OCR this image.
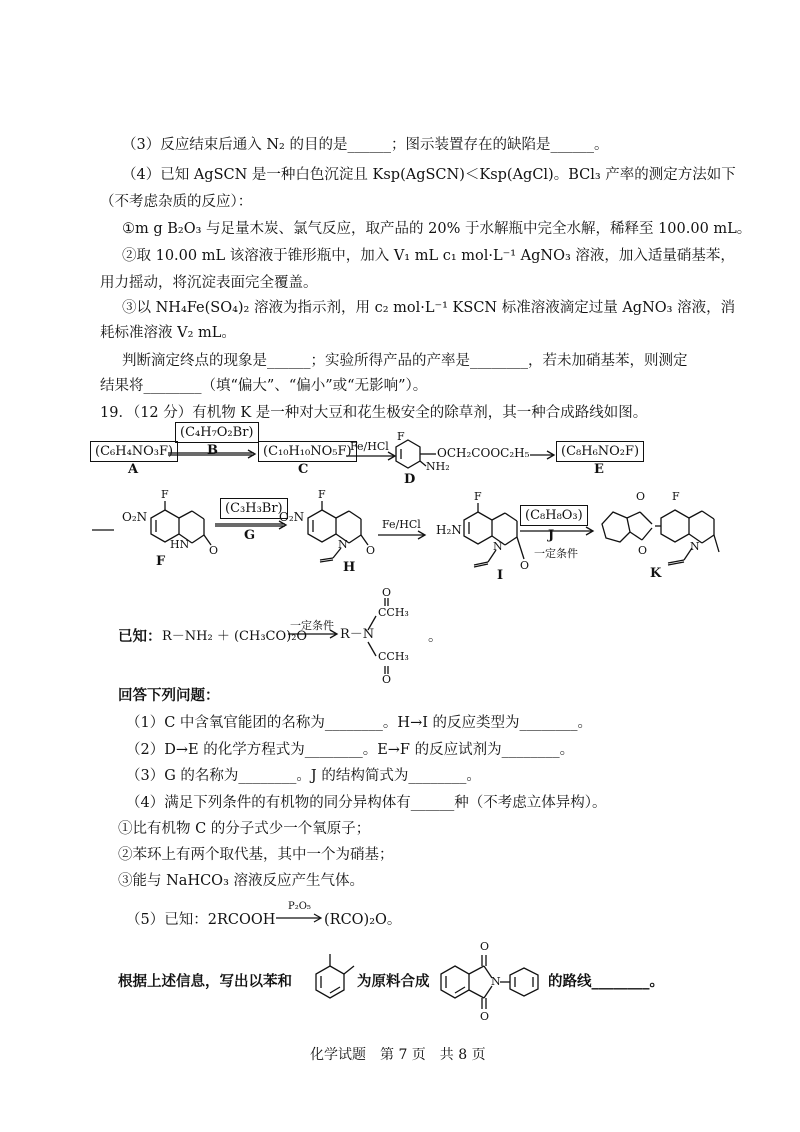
（3）反应结束后通入 N₂ 的目的是______；图示装置存在的缺陷是______。
（4）已知 AgSCN 是一种白色沉淀且 Ksp(AgSCN)＜Ksp(AgCl)。BCl₃ 产率的测定方法如下
（不考虑杂质的反应）：
①m g B₂O₃ 与足量木炭、氯气反应，取产品的 20% 于水解瓶中完全水解，稀释至 100.00 mL。
②取 10.00 mL 该溶液于锥形瓶中，加入 V₁ mL c₁ mol·L⁻¹ AgNO₃ 溶液，加入适量硝基苯，
用力摇动，将沉淀表面完全覆盖。
③以 NH₄Fe(SO₄)₂ 溶液为指示剂，用 c₂ mol·L⁻¹ KSCN 标准溶液滴定过量 AgNO₃ 溶液，消
耗标准溶液 V₂ mL。
判断滴定终点的现象是______；实验所得产品的产率是________，若未加硝基苯，则测定
结果将________（填“偏大”、“偏小”或“无影响”）。
19．（12 分）有机物 K 是一种对大豆和花生极安全的除草剂，其一种合成路线如图。
(C₆H₄NO₃F)
A
(C₄H₇O₂Br)
B	(C₁₀H₁₀NO₅F)
C
Fe/HCl
F
OCH₂COOC₂H₅
NH₂
D
(C₈H₆NO₂F)
E
O₂N
F
HN O
F
(C₃H₃Br)
G
O₂N
F
N O
H
Fe/HCl H₂N
F
N
O
I
(C₈H₈O₃)
J
一定条件
O
O
F
N
K
已知： R－NH₂ ＋ (CH₃CO)₂O
一定条件
R－N
O
CCH₃
CCH₃
O
。
回答下列问题：
（1）C 中含氧官能团的名称为________。H→I 的反应类型为________。
（2）D→E 的化学方程式为________。E→F 的反应试剂为________。
（3）G 的名称为________。J 的结构简式为________。
（4）满足下列条件的有机物的同分异构体有______种（不考虑立体异构）。
①比有机物 C 的分子式少一个氧原子；
②苯环上有两个取代基，其中一个为硝基；
③能与 NaHCO₃ 溶液反应产生气体。
（5）已知：2RCOOH
P₂O₅
(RCO)₂O。
根据上述信息，写出以苯和	为原料合成	的路线________。
O
N
O
化学试题　第 7 页　共 8 页
